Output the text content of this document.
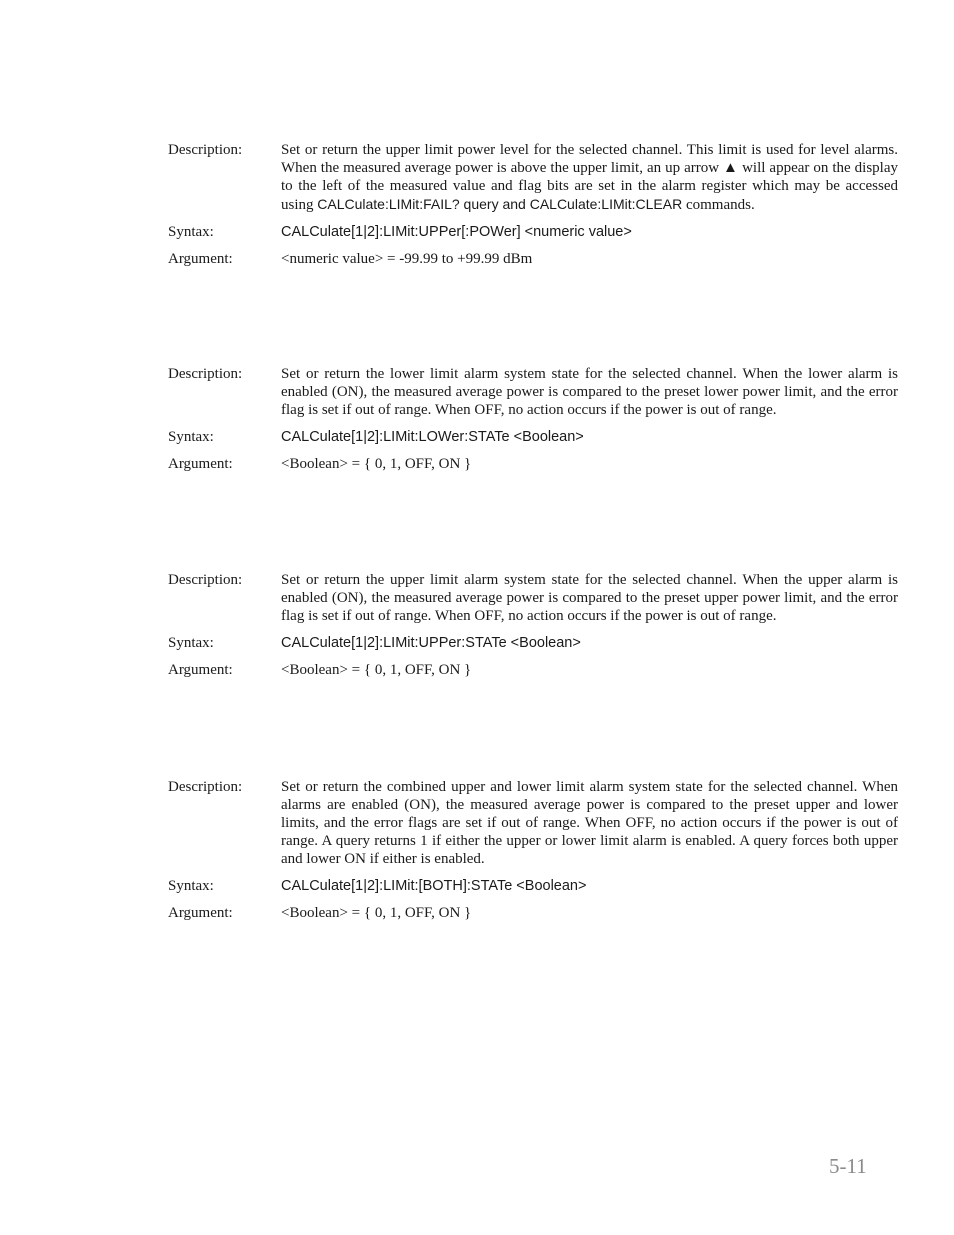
Description:	Set or return the upper limit power level for the selected channel. This limit is used for level alarms. When the measured average power is above the upper limit, an up arrow ▲ will appear on the display to the left of the measured value and flag bits are set in the alarm register which may be accessed using CALCulate:LIMit:FAIL? query and CALCulate:LIMit:CLEAR commands.
Syntax:	CALCulate[1|2]:LIMit:UPPer[:POWer] <numeric value>
Argument:	<numeric value> = -99.99 to +99.99 dBm
Description:	Set or return the lower limit alarm system state for the selected channel. When the lower alarm is enabled (ON), the measured average power is compared to the preset lower power limit, and the error flag is set if out of range. When OFF, no action occurs if the power is out of range.
Syntax:	CALCulate[1|2]:LIMit:LOWer:STATe <Boolean>
Argument:	<Boolean> = { 0, 1, OFF, ON }
Description:	Set or return the upper limit alarm system state for the selected channel. When the upper alarm is enabled (ON), the measured average power is compared to the preset upper power limit, and the error flag is set if out of range. When OFF, no action occurs if the power is out of range.
Syntax:	CALCulate[1|2]:LIMit:UPPer:STATe <Boolean>
Argument:	<Boolean> = { 0, 1, OFF, ON }
Description:	Set or return the combined upper and lower limit alarm system state for the selected channel. When alarms are enabled (ON), the measured average power is compared to the preset upper and lower limits, and the error flags are set if out of range. When OFF, no action occurs if the power is out of range. A query returns 1 if either the upper or lower limit alarm is enabled. A query forces both upper and lower ON if either is enabled.
Syntax:	CALCulate[1|2]:LIMit:[BOTH]:STATe <Boolean>
Argument:	<Boolean> = { 0, 1, OFF, ON }
5-11
